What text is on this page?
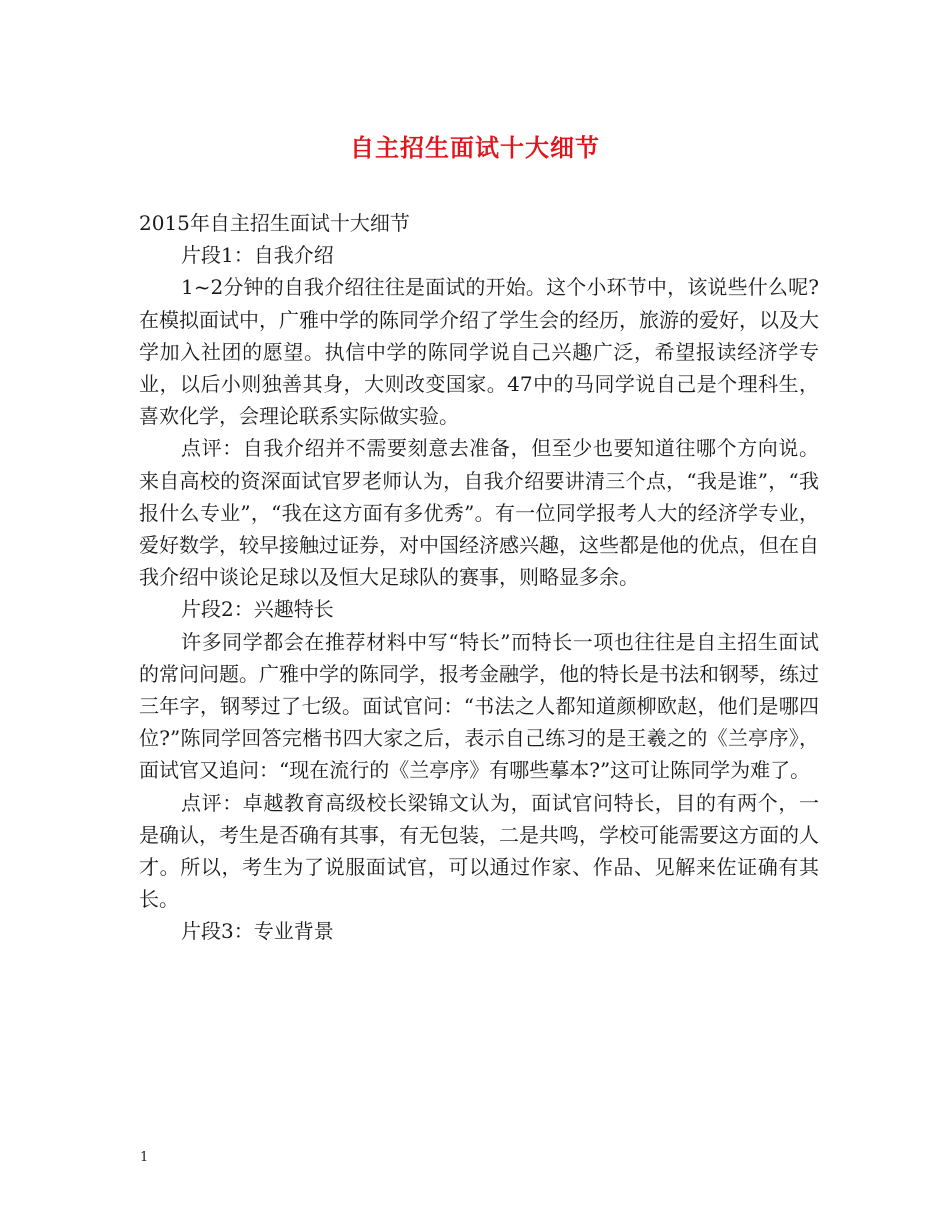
自主招生面试十大细节

2015年自主招生面试十大细节

片段1：自我介绍

1~2分钟的自我介绍往往是面试的开始。这个小环节中，该说些什么呢?在模拟面试中，广雅中学的陈同学介绍了学生会的经历，旅游的爱好，以及大学加入社团的愿望。执信中学的陈同学说自己兴趣广泛，希望报读经济学专业，以后小则独善其身，大则改变国家。47中的马同学说自己是个理科生，喜欢化学，会理论联系实际做实验。

点评：自我介绍并不需要刻意去准备，但至少也要知道往哪个方向说。来自高校的资深面试官罗老师认为，自我介绍要讲清三个点，“我是谁”，“我报什么专业”，“我在这方面有多优秀”。有一位同学报考人大的经济学专业，爱好数学，较早接触过证券，对中国经济感兴趣，这些都是他的优点，但在自我介绍中谈论足球以及恒大足球队的赛事，则略显多余。

片段2：兴趣特长

许多同学都会在推荐材料中写“特长”而特长一项也往往是自主招生面试的常问问题。广雅中学的陈同学，报考金融学，他的特长是书法和钢琴，练过三年字，钢琴过了七级。面试官问：“书法之人都知道颜柳欧赵，他们是哪四位?”陈同学回答完楷书四大家之后，表示自己练习的是王羲之的《兰亭序》，面试官又追问：“现在流行的《兰亭序》有哪些摹本?”这可让陈同学为难了。

点评：卓越教育高级校长梁锦文认为，面试官问特长，目的有两个，一是确认，考生是否确有其事，有无包装，二是共鸣，学校可能需要这方面的人才。所以，考生为了说服面试官，可以通过作家、作品、见解来佐证确有其长。

片段3：专业背景

1
